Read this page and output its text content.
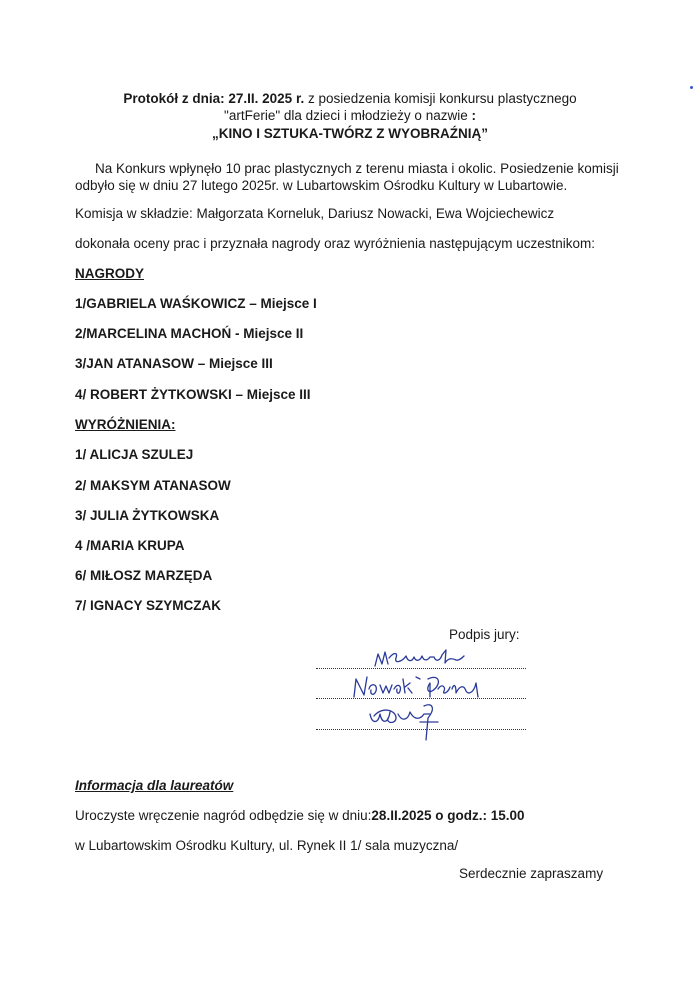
Protokół z dnia: 27.II. 2025 r. z posiedzenia komisji konkursu plastycznego
"artFerie" dla dzieci i młodzieży o nazwie :
„KINO I SZTUKA-TWÓRZ Z WYOBRAŹNIĄ”
Na Konkurs wpłynęło 10 prac plastycznych z terenu miasta i okolic. Posiedzenie komisji
odbyło się w dniu 27 lutego 2025r. w Lubartowskim Ośrodku Kultury w Lubartowie.
Komisja w składzie: Małgorzata Korneluk, Dariusz Nowacki, Ewa Wojciechewicz
dokonała oceny prac i przyznała nagrody oraz wyróżnienia następującym uczestnikom:
NAGRODY
1/GABRIELA WAŚKOWICZ – Miejsce I
2/MARCELINA MACHOŃ - Miejsce II
3/JAN ATANASOW – Miejsce III
4/ ROBERT ŻYTKOWSKI – Miejsce III
WYRÓŻNIENIA:
1/ ALICJA SZULEJ
2/ MAKSYM ATANASOW
3/ JULIA ŻYTKOWSKA
4 /MARIA KRUPA
6/ MIŁOSZ MARZĘDA
7/ IGNACY SZYMCZAK
Podpis jury:
Informacja dla laureatów
Uroczyste wręczenie nagród odbędzie się w dniu:28.II.2025 o godz.: 15.00
w Lubartowskim Ośrodku Kultury, ul. Rynek II 1/ sala muzyczna/
Serdecznie zapraszamy
